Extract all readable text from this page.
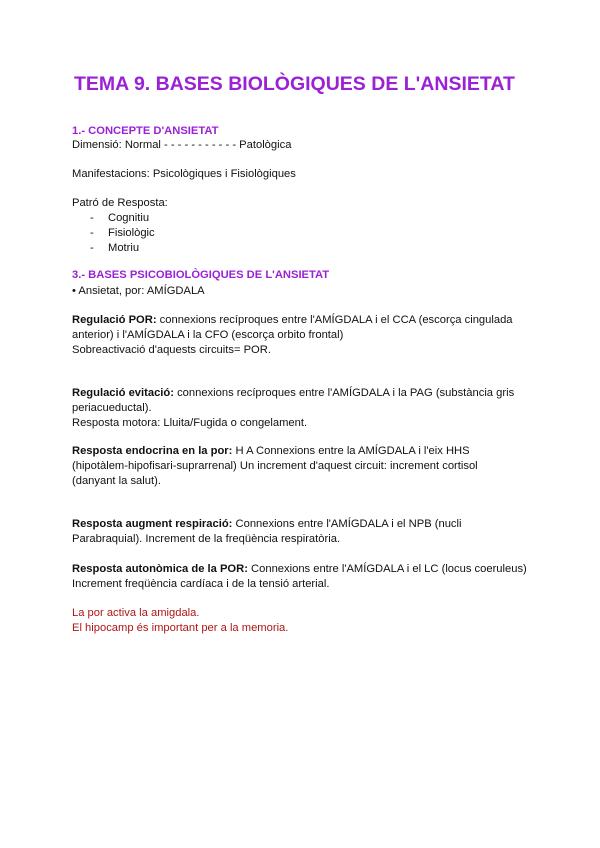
TEMA 9. BASES BIOLÒGIQUES DE L'ANSIETAT
1.- CONCEPTE D'ANSIETAT
Dimensió: Normal - - - - - - - - - - - Patològica
Manifestacions: Psicològiques i Fisiològiques
Patró de Resposta:
-	Cognitiu
-	Fisiològic
-	Motriu
3.- BASES PSICOBIOLÒGIQUES DE L'ANSIETAT
• Ansietat, por: AMÍGDALA
Regulació POR: connexions recíproques entre l'AMÍGDALA i el CCA (escorça cingulada
anterior) i l'AMÍGDALA i la CFO (escorça orbito frontal)
Sobreactivació d'aquests circuits= POR.
Regulació evitació: connexions recíproques entre l'AMÍGDALA i la PAG (substància gris
periacueductal).
Resposta motora: Lluita/Fugida o congelament.
Resposta endocrina en la por: H A Connexions entre la AMÍGDALA i l'eix HHS
(hipotàlem-hipofisari-suprarrenal) Un increment d'aquest circuit: increment cortisol
(danyant la salut).
Resposta augment respiració: Connexions entre l'AMÍGDALA i el NPB (nucli
Parabraquial). Increment de la freqüència respiratòria.
Resposta autonòmica de la POR: Connexions entre l'AMÍGDALA i el LC (locus coeruleus)
Increment freqüència cardíaca i de la tensió arterial.
La por activa la amigdala.
El hipocamp és important per a la memoria.
